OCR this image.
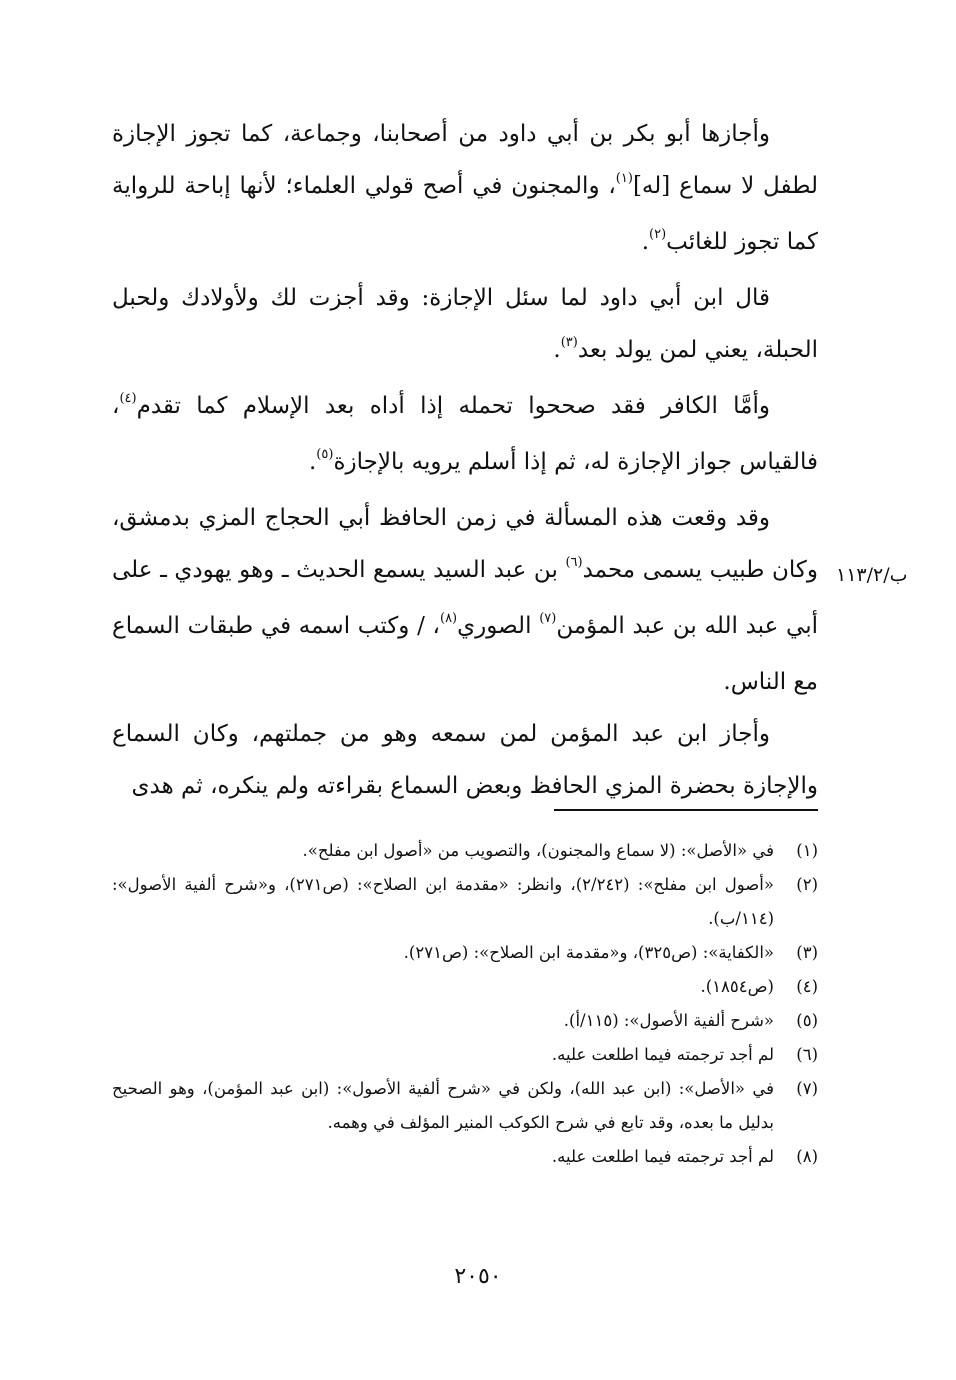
وأجازها أبو بكر بن أبي داود من أصحابنا، وجماعة، كما تجوز الإجازة لطفل لا سماع [له]$^{(١)}$، والمجنون في أصح قولي العلماء؛ لأنها إباحة للرواية كما تجوز للغائب$^{(٢)}$.

قال ابن أبي داود لما سئل الإجازة: وقد أجزت لك ولأولادك ولحبل الحبلة، يعني لمن يولد بعد$^{(٣)}$.

وأمَّا الكافر فقد صححوا تحمله إذا أداه بعد الإسلام كما تقدم$^{(٤)}$، فالقياس جواز الإجازة له، ثم إذا أسلم يرويه بالإجازة$^{(٥)}$.

وقد وقعت هذه المسألة في زمن الحافظ أبي الحجاج المزي بدمشق، وكان طبيب يسمى محمد$^{(٦)}$ بن عبد السيد يسمع الحديث ـ وهو يهودي ـ على أبي عبد الله بن عبد المؤمن$^{(٧)}$ الصوري$^{(٨)}$، / وكتب اسمه في طبقات السماع مع الناس.

وأجاز ابن عبد المؤمن لمن سمعه وهو من جملتهم، وكان السماع والإجازة بحضرة المزي الحافظ وبعض السماع بقراءته ولم ينكره، ثم هدى

ب/١١٣/٢
(١)
في «الأصل»: (لا سماع والمجنون)، والتصويب من «أصول ابن مفلح».
(٢)
«أصول ابن مفلح»: (٢/٢٤٢)، وانظر: «مقدمة ابن الصلاح»: (ص٢٧١)، و«شرح ألفية الأصول»: (١١٤/ب).
(٣)
«الكفاية»: (ص٣٢٥)، و«مقدمة ابن الصلاح»: (ص٢٧١).
(٤)
(ص١٨٥٤).
(٥)
«شرح ألفية الأصول»: (١١٥/أ).
(٦)
لم أجد ترجمته فيما اطلعت عليه.
(٧)
في «الأصل»: (ابن عبد الله)، ولكن في «شرح ألفية الأصول»: (ابن عبد المؤمن)، وهو الصحيح بدليل ما بعده، وقد تابع في شرح الكوكب المنير المؤلف في وهمه.
(٨)
لم أجد ترجمته فيما اطلعت عليه.
٢٠٥٠
